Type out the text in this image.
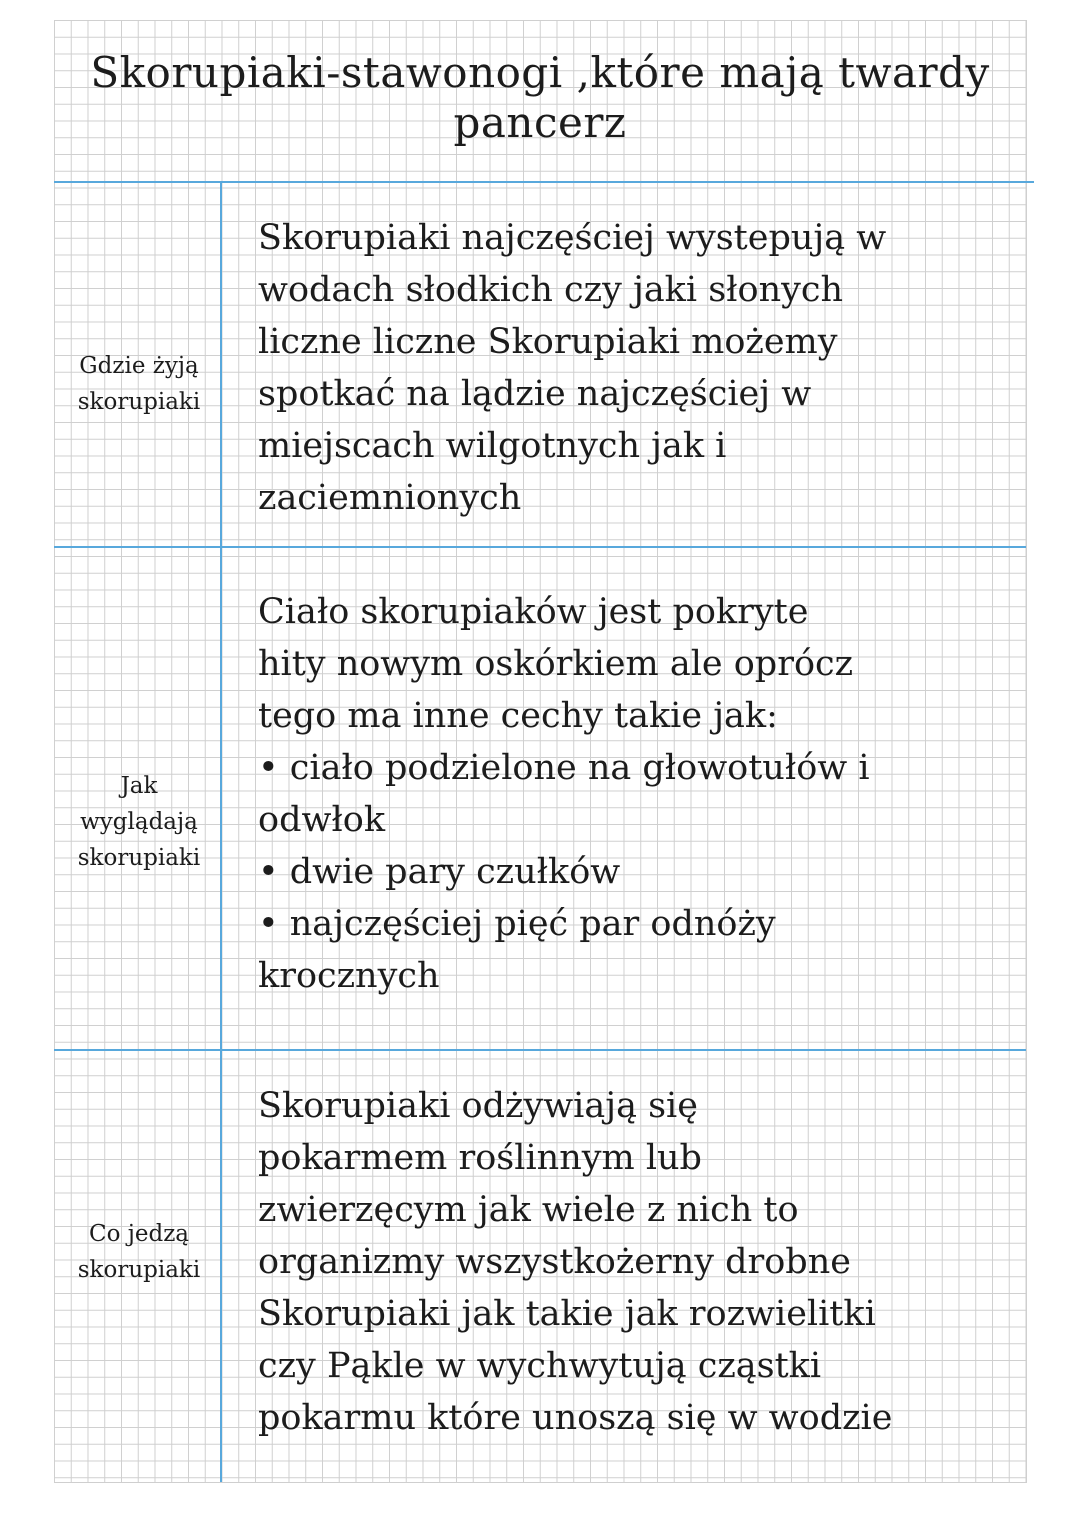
Skorupiaki-stawonogi ,które mają twardy
pancerz
Gdzie żyją
skorupiaki
Skorupiaki najczęściej wystepują w
wodach słodkich czy jaki słonych
liczne liczne Skorupiaki możemy
spotkać na lądzie najczęściej w
miejscach wilgotnych jak i
zaciemnionych
Jak
wyglądają
skorupiaki
Ciało skorupiaków jest pokryte
hity nowym oskórkiem ale oprócz
tego ma inne cechy takie jak:
• ciało podzielone na głowotułów i
odwłok
• dwie pary czułków
• najczęściej pięć par odnóży
krocznych
Co jedzą
skorupiaki
Skorupiaki odżywiają się
pokarmem roślinnym lub
zwierzęcym jak wiele z nich to
organizmy wszystkożerny drobne
Skorupiaki jak takie jak rozwielitki
czy Pąkle w wychwytują cząstki
pokarmu które unoszą się w wodzie
